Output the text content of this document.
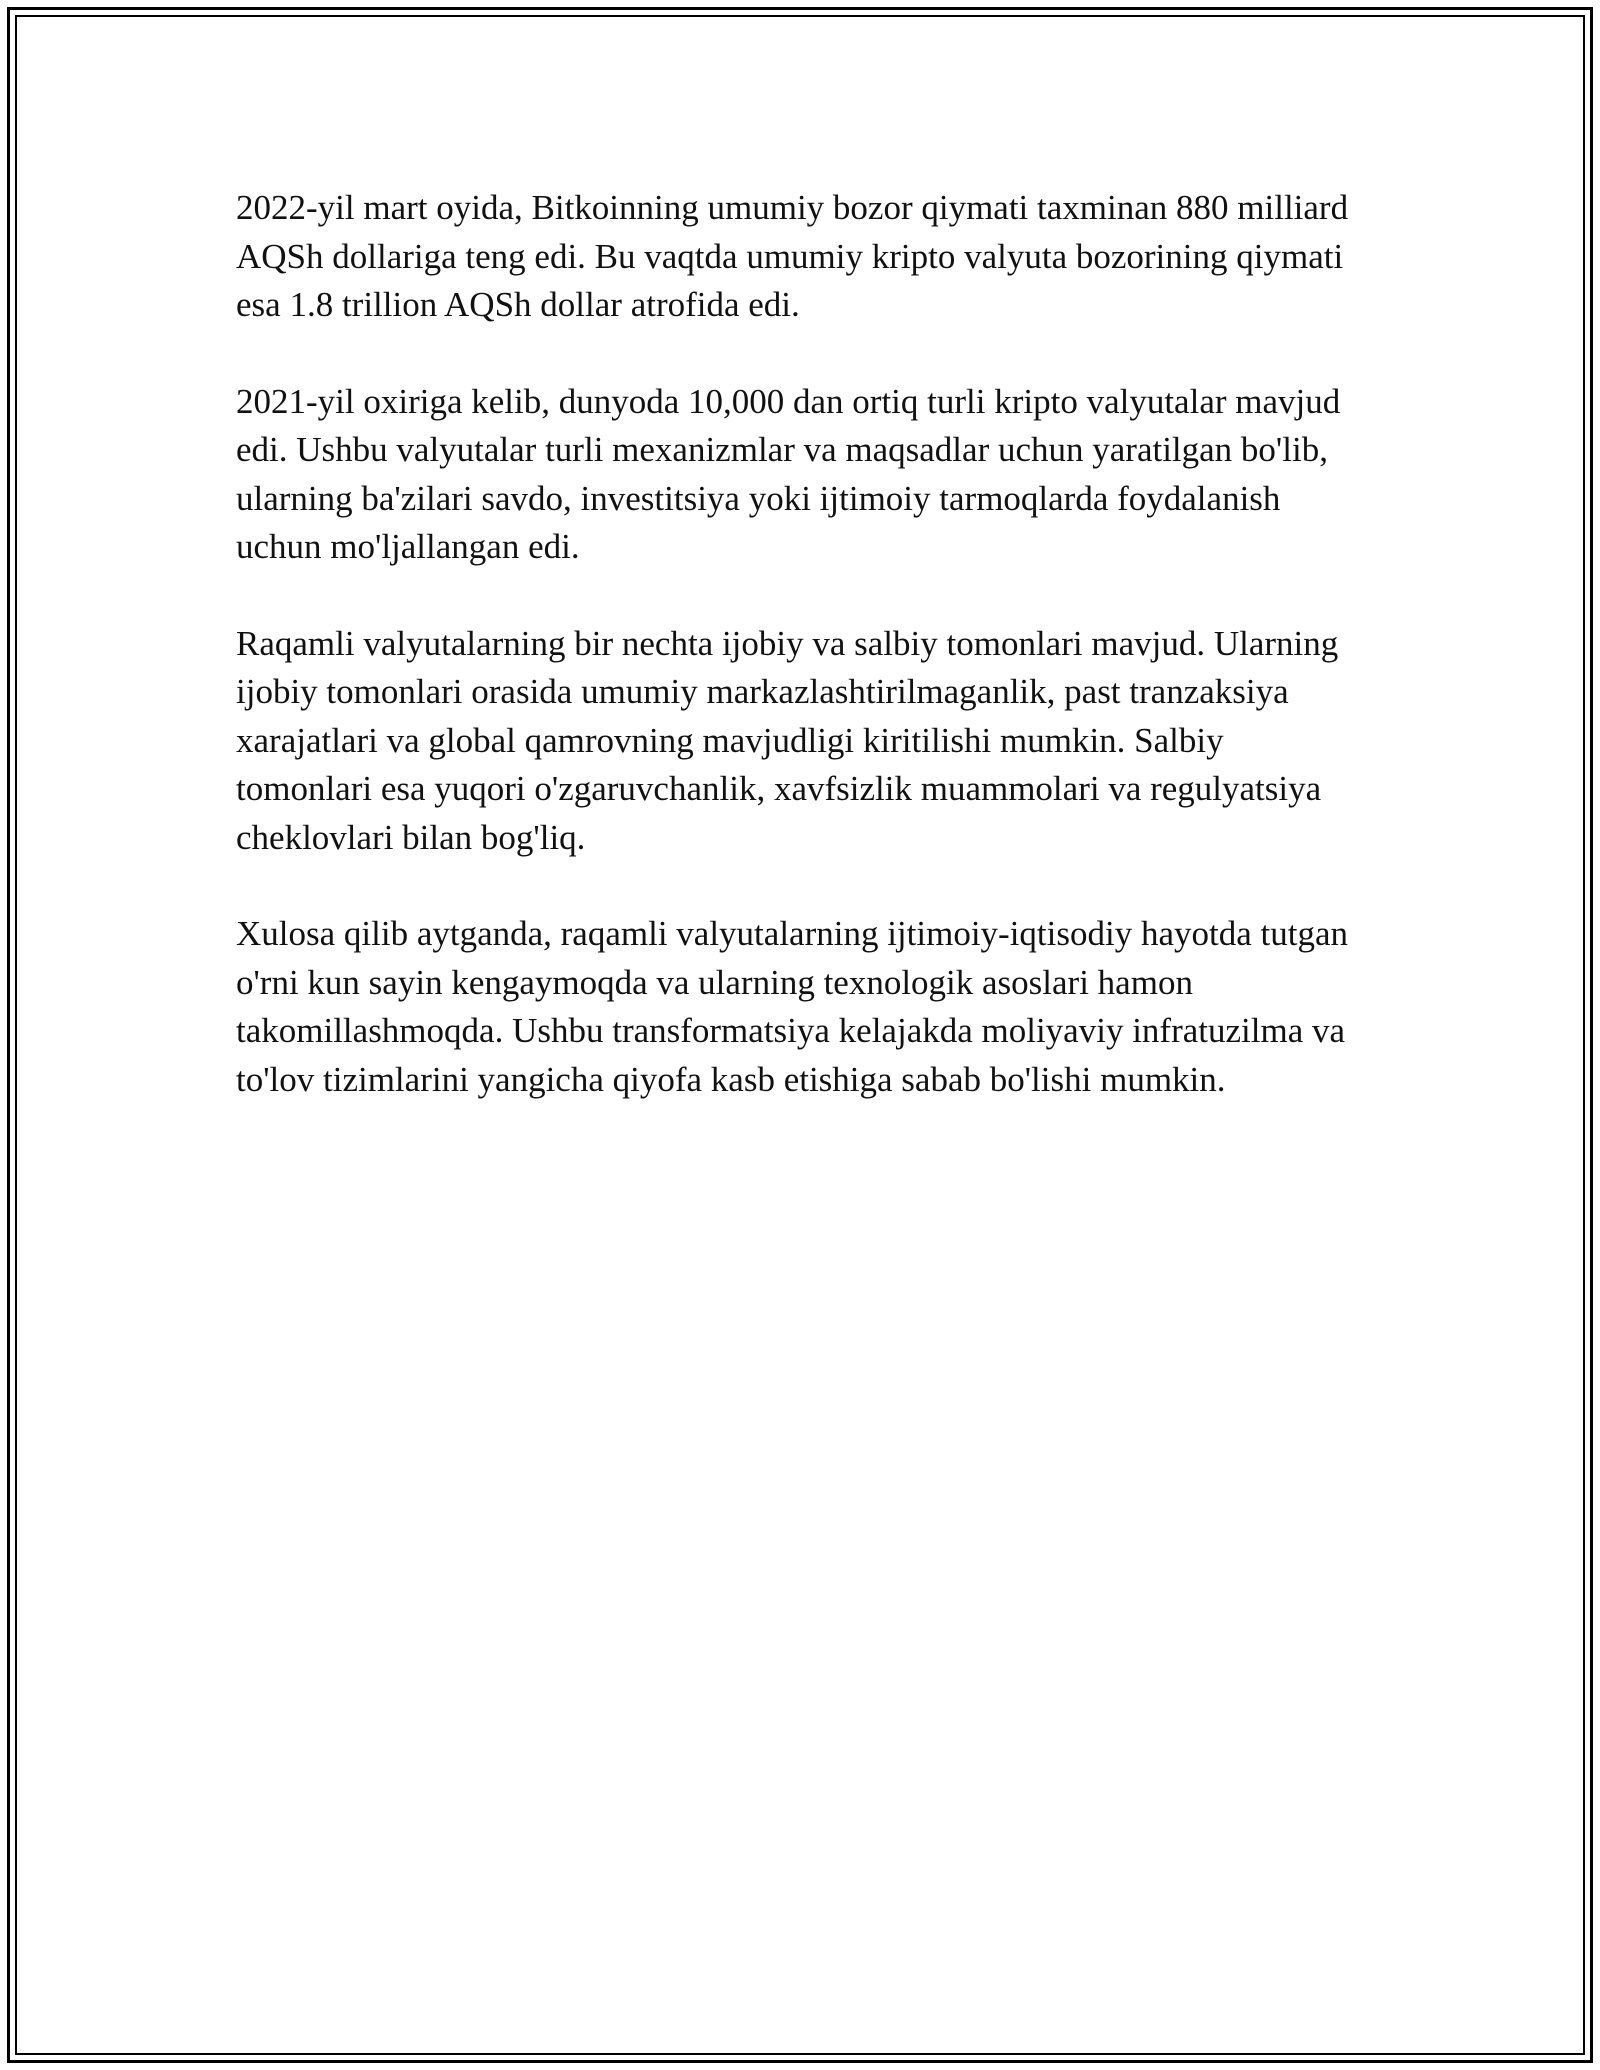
2022-yil mart oyida, Bitkoinning umumiy bozor qiymati taxminan 880 milliard AQSh dollariga teng edi. Bu vaqtda umumiy kripto valyuta bozorining qiymati esa 1.8 trillion AQSh dollar atrofida edi.

2021-yil oxiriga kelib, dunyoda 10,000 dan ortiq turli kripto valyutalar mavjud edi. Ushbu valyutalar turli mexanizmlar va maqsadlar uchun yaratilgan bo'lib, ularning ba'zilari savdo, investitsiya yoki ijtimoiy tarmoqlarda foydalanish uchun mo'ljallangan edi.

Raqamli valyutalarning bir nechta ijobiy va salbiy tomonlari mavjud. Ularning ijobiy tomonlari orasida umumiy markazlashtirilmaganlik, past tranzaksiya xarajatlari va global qamrovning mavjudligi kiritilishi mumkin. Salbiy tomonlari esa yuqori o'zgaruvchanlik, xavfsizlik muammolari va regulyatsiya cheklovlari bilan bog'liq.

Xulosa qilib aytganda, raqamli valyutalarning ijtimoiy-iqtisodiy hayotda tutgan o'rni kun sayin kengaymoqda va ularning texnologik asoslari hamon takomillashmoqda. Ushbu transformatsiya kelajakda moliyaviy infratuzilma va to'lov tizimlarini yangicha qiyofa kasb etishiga sabab bo'lishi mumkin.
